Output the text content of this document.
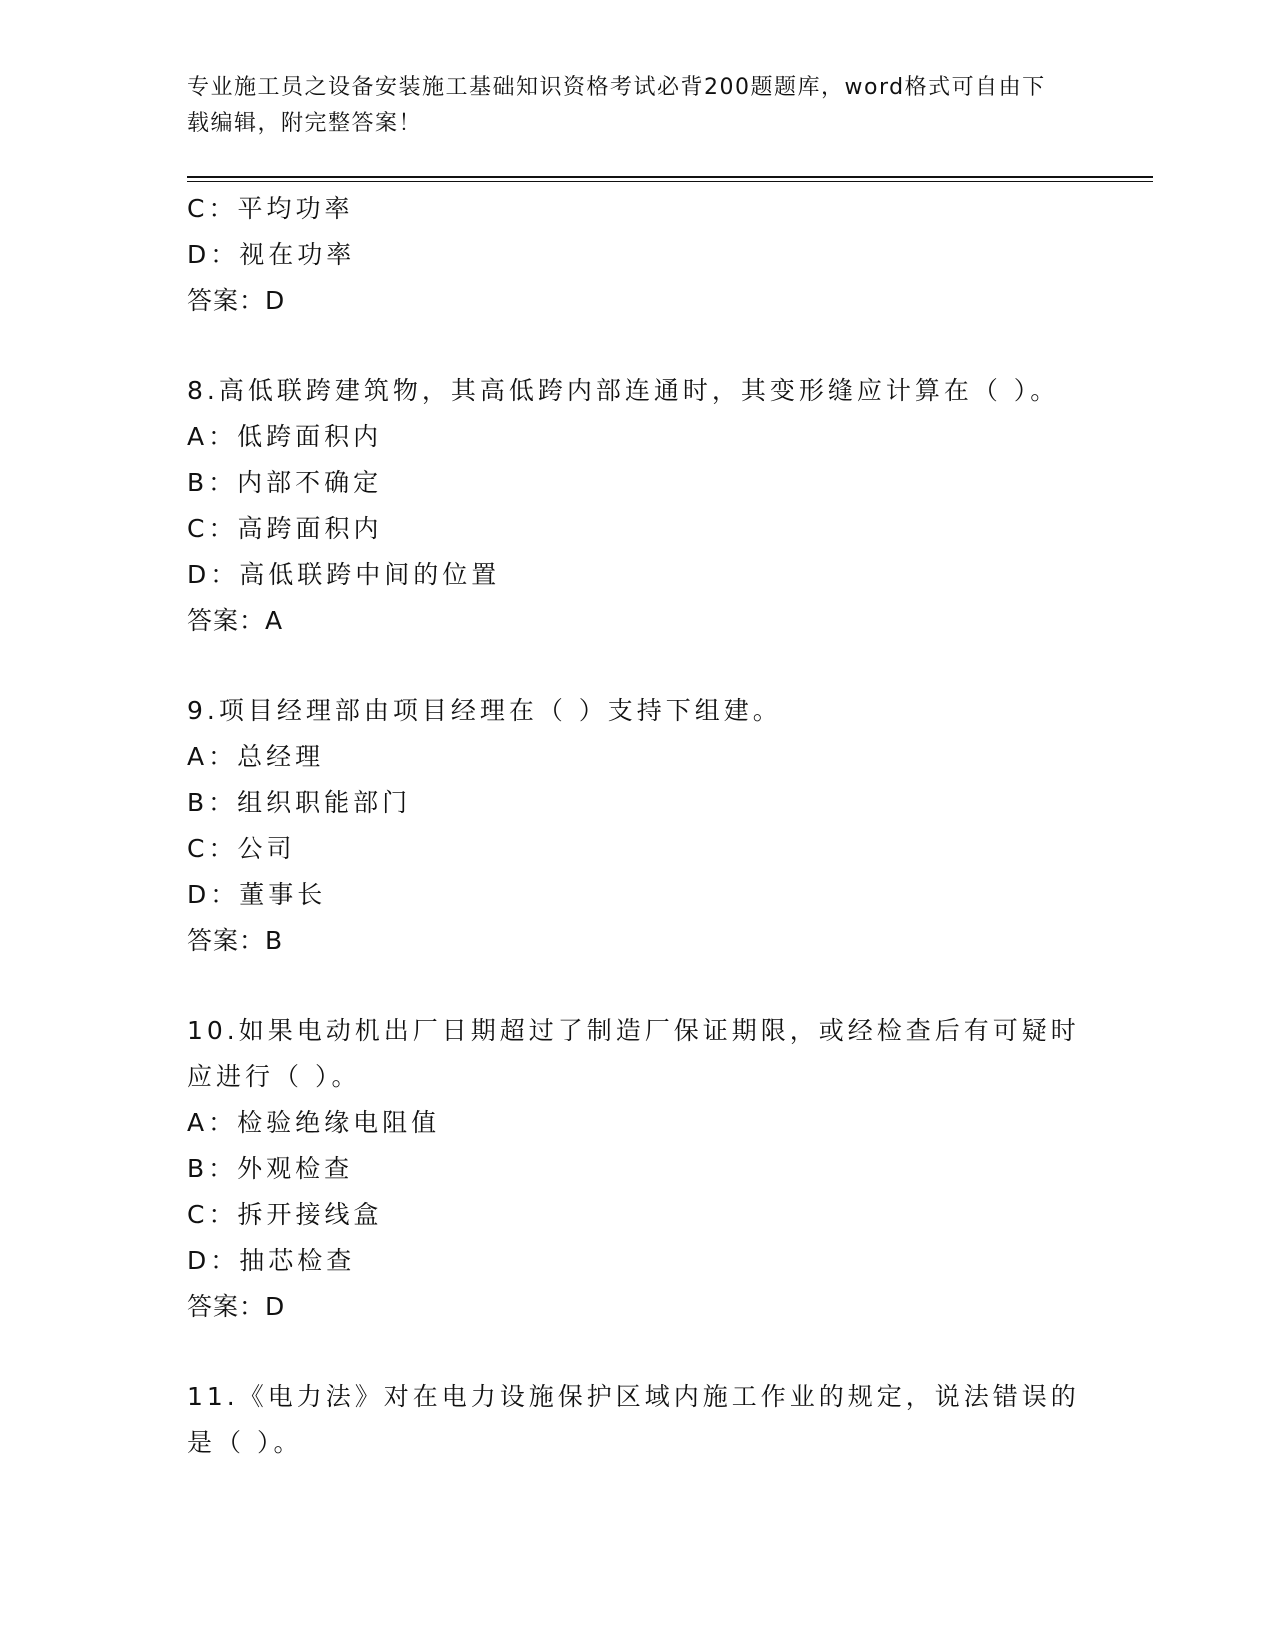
专业施工员之设备安装施工基础知识资格考试必背200题题库，word格式可自由下载编辑，附完整答案！
C：平均功率
D：视在功率
答案：D
8.高低联跨建筑物，其高低跨内部连通时，其变形缝应计算在（ ）。
A：低跨面积内
B：内部不确定
C：高跨面积内
D：高低联跨中间的位置
答案：A
9.项目经理部由项目经理在（ ）支持下组建。
A：总经理
B：组织职能部门
C：公司
D：董事长
答案：B
10.如果电动机出厂日期超过了制造厂保证期限，或经检查后有可疑时
应进行（ ）。
A：检验绝缘电阻值
B：外观检查
C：拆开接线盒
D：抽芯检查
答案：D
11.《电力法》对在电力设施保护区域内施工作业的规定，说法错误的
是（ ）。
